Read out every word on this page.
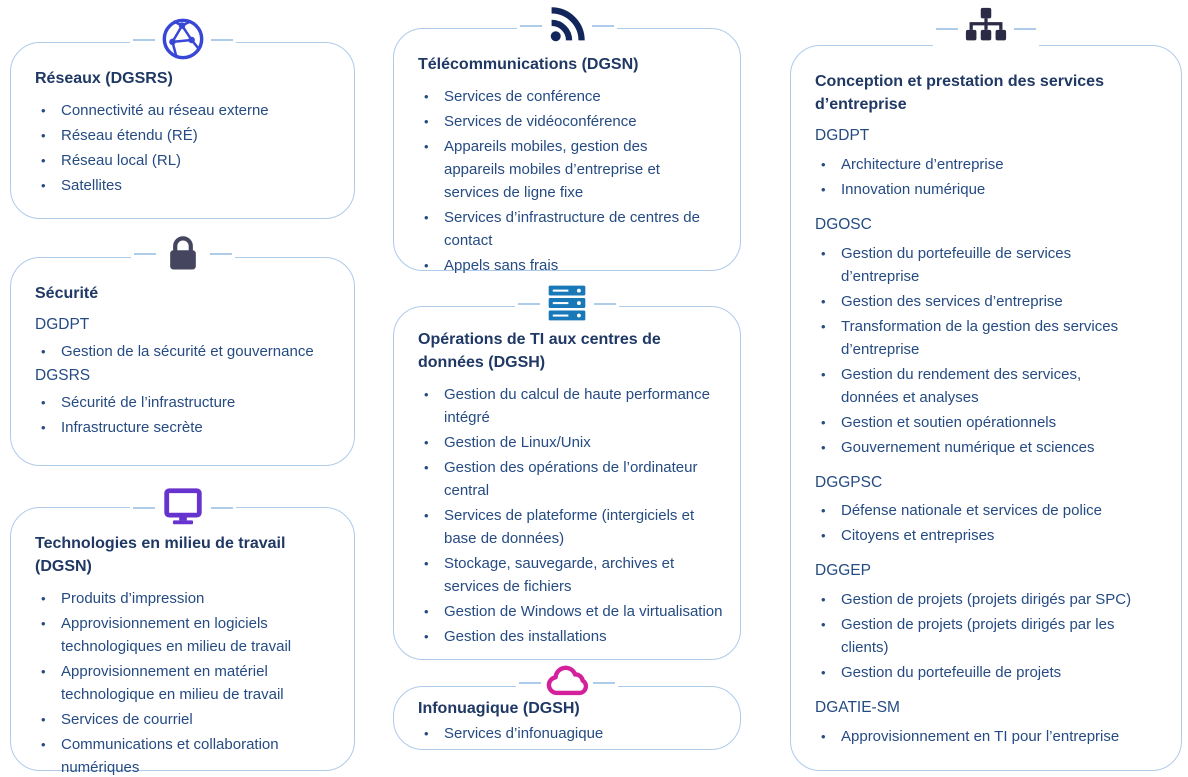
Réseaux (DGSRS)
•	Connectivité au réseau externe
•	Réseau étendu (RÉ)
•	Réseau local (RL)
•	Satellites
Sécurité
DGDPT
•	Gestion de la sécurité et gouvernance
DGSRS
•	Sécurité de l’infrastructure
•	Infrastructure secrète
Technologies en milieu de travail (DGSN)
•	Produits d’impression
•	Approvisionnement en logiciels technologiques en milieu de travail
•	Approvisionnement en matériel technologique en milieu de travail
•	Services de courriel
•	Communications et collaboration numériques
Télécommunications (DGSN)
•	Services de conférence
•	Services de vidéoconférence
•	Appareils mobiles, gestion des appareils mobiles d’entreprise et services de ligne fixe
•	Services d’infrastructure de centres de contact
•	Appels sans frais
Opérations de TI aux centres de données (DGSH)
•	Gestion du calcul de haute performance intégré
•	Gestion de Linux/Unix
•	Gestion des opérations de l’ordinateur central
•	Services de plateforme (intergiciels et base de données)
•	Stockage, sauvegarde, archives et services de fichiers
•	Gestion de Windows et de la virtualisation
•	Gestion des installations
Infonuagique (DGSH)
•	Services d’infonuagique
Conception et prestation des services d’entreprise
DGDPT
•	Architecture d’entreprise
•	Innovation numérique
DGOSC
•	Gestion du portefeuille de services d’entreprise
•	Gestion des services d’entreprise
•	Transformation de la gestion des services d’entreprise
•	Gestion du rendement des services, données et analyses
•	Gestion et soutien opérationnels
•	Gouvernement numérique et sciences
DGGPSC
•	Défense nationale et services de police
•	Citoyens et entreprises
DGGEP
•	Gestion de projets (projets dirigés par SPC)
•	Gestion de projets (projets dirigés par les clients)
•	Gestion du portefeuille de projets
DGATIE-SM
•	Approvisionnement en TI pour l’entreprise
